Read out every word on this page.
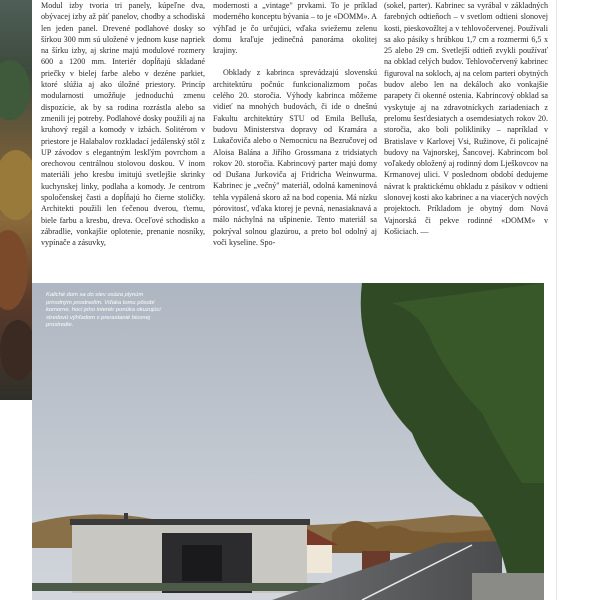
Modul izby tvoria tri panely, kúpeľne dva, obývacej izby až päť panelov, chodby a schodiská len jeden panel. Drevené podlahové dosky so šírkou 300 mm sú uložené v jednom kuse napriek na šírku izby, aj skrine majú modulové rozmery 600 a 1200 mm. Interiér dopĺňajú skladané priečky v bielej farbe alebo v dezéne parkiet, ktoré slúžia aj ako úložné priestory. Princíp modularnosti umožňuje jednoduchú zmenu dispozície, ak by sa rodina rozrástla alebo sa zmenili jej potreby. Podlahové dosky použili aj na kruhový regál a komody v izbách. Solitérom v priestore je Halabalov rozkladací jedálenský stôl z UP závodov s elegantným leskľým povrchom a orechovou centrálnou stolovou doskou. V inom materiáli jeho kresbu imitujú svetlejšie skrinky kuchynskej linky, podlaha a komody. Je centrom spoločenskej časti a dopĺňajú ho čierne stoličky. Architekti použili len ťečenou dverou, ťtemu, biele farbu a kresbu, dreva. Oceľové schodisko a zábradlie, vonkajšie oplotenie, prenanie nosníky, vypínače a zásuvky,

modernosti a „vintage" prvkami. To je príklad moderného konceptu bývania – to je «DOMM». A výhľad je čo určujúci, vďaka sviežemu zelenu domu kraľuje jedinečná panoráma okolitej krajiny.

Obklady z kabrinca sprevádzajú slovenskú architektúru počnúc funkcionalizmom počas celého 20. storočia. Výhody kabrinca môžeme vidieť na mnohých budovách, či ide o dnešnú Fakultu architektúry STU od Emila Belluša, budovu Ministerstva dopravy od Kramára a Lukačoviča alebo o Nemocnicu na Bezručovej od Aloisa Balána a Jiřího Grossmana z tridsiatych rokov 20. storočia. Kabrincový parter majú domy od Dušana Jurkoviča aj Fridricha Weinwurma. Kabrinec je „večný" materiál, odolná kameninová tehla vypálená skoro až na bod copenia. Má nízku pórovitosť, vďaka ktorej je pevná, nenasiaknavá a málo náchylná na ušpinenie. Tento materiál sa pokrýval solnou glazúrou, a preto bol odolný aj voči kyseline. Spo-

(sokel, parter). Kabrinec sa vyrábal v základných farebných odtieňoch – v svetlom odtieni slonovej kosti, pieskovožltej a v tehlovočervenej. Používali sa ako pásiky s hrúbkou 1,7 cm a rozmermi 6,5 x 25 alebo 29 cm. Svetlejší odtieň zvykli používať na obklad celých budov. Tehlovočervený kabrinec figuroval na sokloch, aj na celom parteri obytných budov alebo len na dekáloch ako vonkajšie parapety či okenné ostenia. Kabrincový obklad sa vyskytuje aj na zdravotníckych zariadeniach z prelomu šesťdesiatych a osemdesiatych rokov 20. storočia, ako boli polikliniky – napríklad v Bratislave v Karlovej Vsi, Ružinove, či policajné budovy na Vajnorskej, Šancovej. Kabrincom bol voľakedy obložený aj rodinný dom Lješkovcov na Krmanovej ulici. V poslednom období dedujeme návrat k praktickému obkladu z pásikov v odtieni slonovej kosti ako kabrinec a na viacerých nových projektoch. Príkladom je obytný dom Nová Vajnorská či pekve rodinné «DOMM» v Košiciach. —

Kaliché dom sa do stev osáza plynúm prirodným prostredím. Vďaka tomu pôsobí komorne, hoci jeho interiér ponúka okuzujúci stredovú výhľadom v prerastanié biosnej prostredie.
